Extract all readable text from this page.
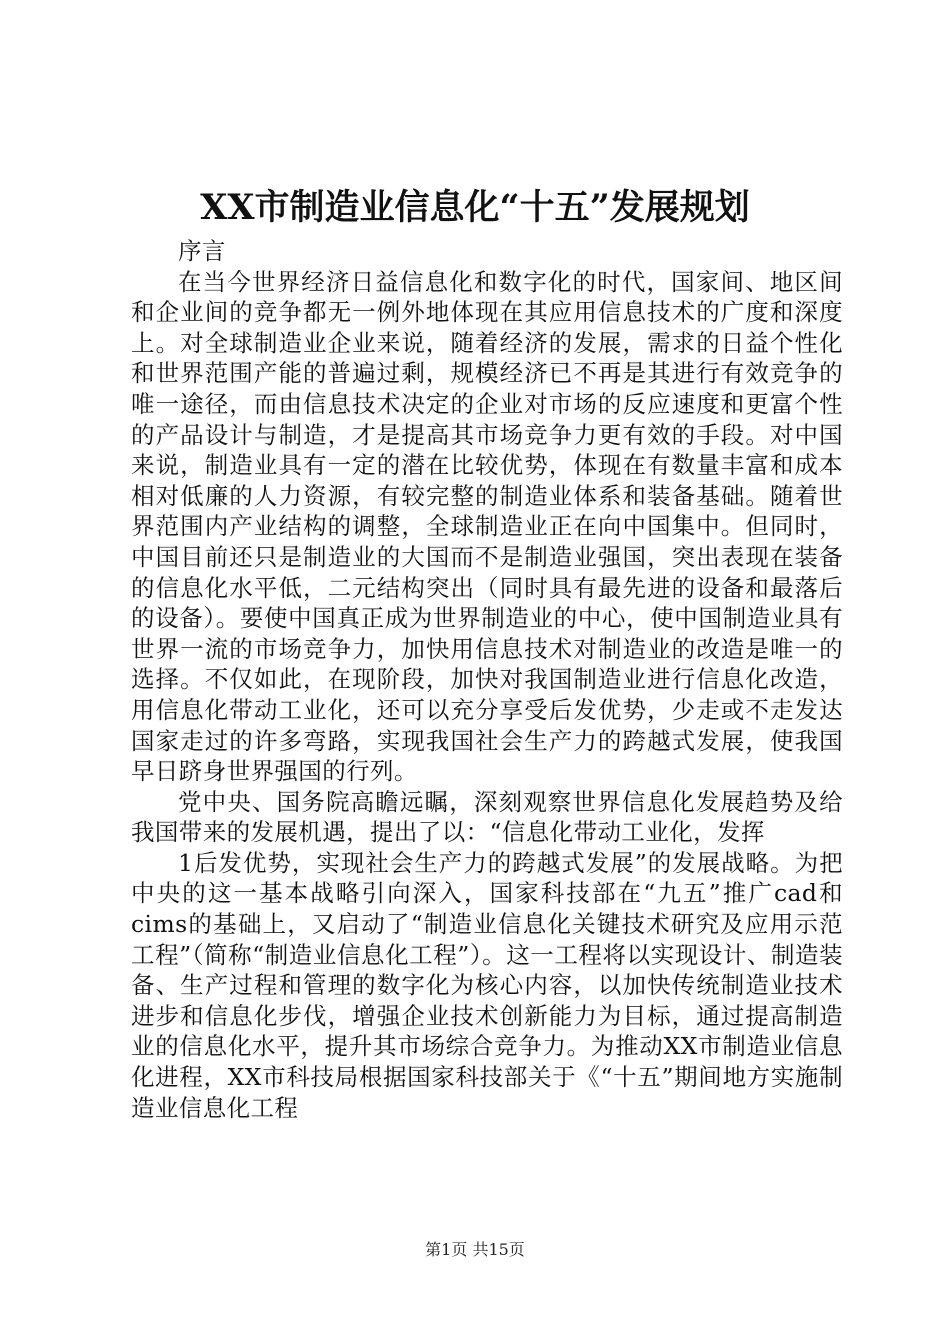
XX市制造业信息化“十五”发展规划

序言

在当今世界经济日益信息化和数字化的时代，国家间、地区间和企业间的竞争都无一例外地体现在其应用信息技术的广度和深度上。对全球制造业企业来说，随着经济的发展，需求的日益个性化和世界范围产能的普遍过剩，规模经济已不再是其进行有效竞争的唯一途径，而由信息技术决定的企业对市场的反应速度和更富个性的产品设计与制造，才是提高其市场竞争力更有效的手段。对中国来说，制造业具有一定的潜在比较优势，体现在有数量丰富和成本相对低廉的人力资源，有较完整的制造业体系和装备基础。随着世界范围内产业结构的调整，全球制造业正在向中国集中。但同时，中国目前还只是制造业的大国而不是制造业强国，突出表现在装备的信息化水平低，二元结构突出（同时具有最先进的设备和最落后的设备）。要使中国真正成为世界制造业的中心，使中国制造业具有世界一流的市场竞争力，加快用信息技术对制造业的改造是唯一的选择。不仅如此，在现阶段，加快对我国制造业进行信息化改造，用信息化带动工业化，还可以充分享受后发优势，少走或不走发达国家走过的许多弯路，实现我国社会生产力的跨越式发展，使我国早日跻身世界强国的行列。

党中央、国务院高瞻远瞩，深刻观察世界信息化发展趋势及给我国带来的发展机遇，提出了以：“信息化带动工业化，发挥

1后发优势，实现社会生产力的跨越式发展”的发展战略。为把中央的这一基本战略引向深入，国家科技部在“九五”推广cad和cims的基础上，又启动了“制造业信息化关键技术研究及应用示范工程”（简称“制造业信息化工程”）。这一工程将以实现设计、制造装备、生产过程和管理的数字化为核心内容，以加快传统制造业技术进步和信息化步伐，增强企业技术创新能力为目标，通过提高制造业的信息化水平，提升其市场综合竞争力。为推动XX市制造业信息化进程，XX市科技局根据国家科技部关于《“十五”期间地方实施制造业信息化工程

第1页 共15页
